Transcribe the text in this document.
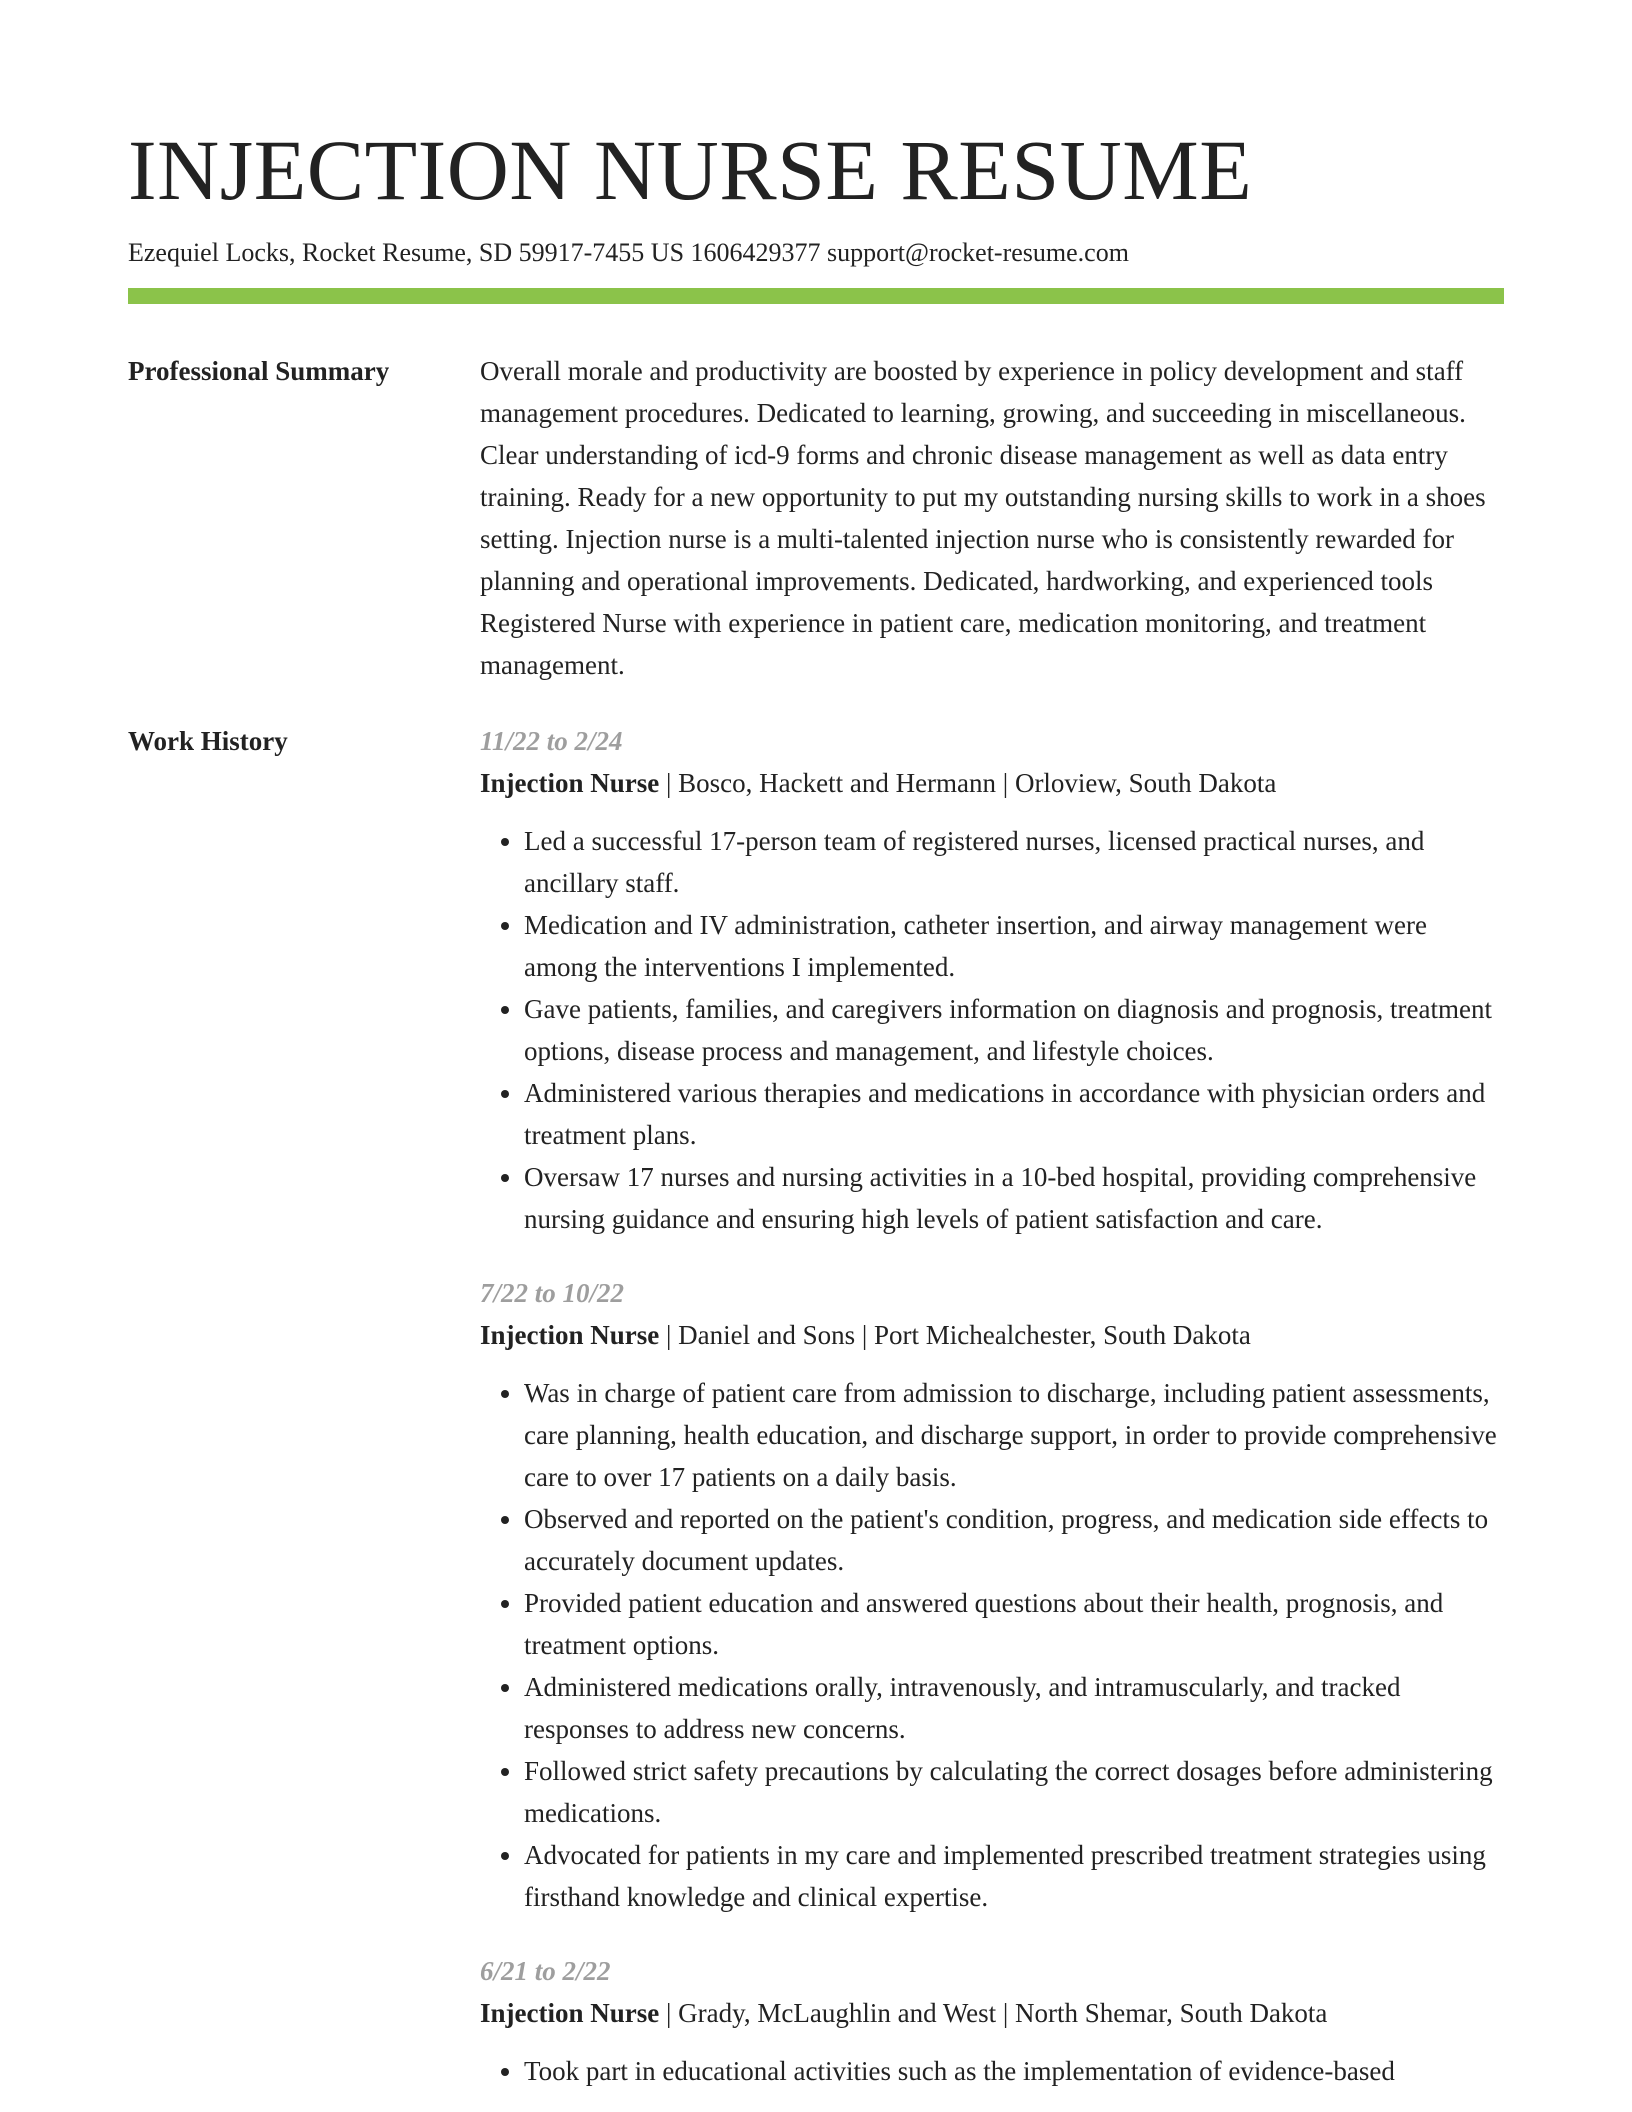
INJECTION NURSE RESUME
Ezequiel Locks, Rocket Resume, SD 59917-7455 US 1606429377 support@rocket-resume.com
Professional Summary	Overall morale and productivity are boosted by experience in policy development and staff management procedures. Dedicated to learning, growing, and succeeding in miscellaneous. Clear understanding of icd-9 forms and chronic disease management as well as data entry training. Ready for a new opportunity to put my outstanding nursing skills to work in a shoes setting. Injection nurse is a multi-talented injection nurse who is consistently rewarded for planning and operational improvements. Dedicated, hardworking, and experienced tools Registered Nurse with experience in patient care, medication monitoring, and treatment management.

Work History	11/22 to 2/24
Injection Nurse | Bosco, Hackett and Hermann | Orloview, South Dakota
• Led a successful 17-person team of registered nurses, licensed practical nurses, and ancillary staff.
• Medication and IV administration, catheter insertion, and airway management were among the interventions I implemented.
• Gave patients, families, and caregivers information on diagnosis and prognosis, treatment options, disease process and management, and lifestyle choices.
• Administered various therapies and medications in accordance with physician orders and treatment plans.
• Oversaw 17 nurses and nursing activities in a 10-bed hospital, providing comprehensive nursing guidance and ensuring high levels of patient satisfaction and care.
7/22 to 10/22
Injection Nurse | Daniel and Sons | Port Michealchester, South Dakota
• Was in charge of patient care from admission to discharge, including patient assessments, care planning, health education, and discharge support, in order to provide comprehensive care to over 17 patients on a daily basis.
• Observed and reported on the patient's condition, progress, and medication side effects to accurately document updates.
• Provided patient education and answered questions about their health, prognosis, and treatment options.
• Administered medications orally, intravenously, and intramuscularly, and tracked responses to address new concerns.
• Followed strict safety precautions by calculating the correct dosages before administering medications.
• Advocated for patients in my care and implemented prescribed treatment strategies using firsthand knowledge and clinical expertise.
6/21 to 2/22
Injection Nurse | Grady, McLaughlin and West | North Shemar, South Dakota
• Took part in educational activities such as the implementation of evidence-based
